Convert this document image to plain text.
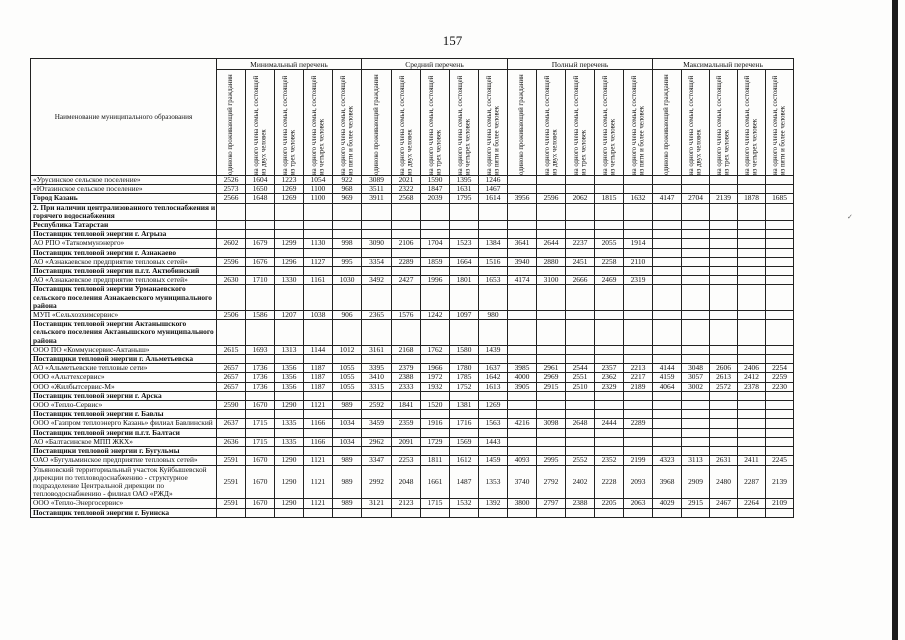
157
✓
Наименование муниципального образования	Минимальный перечень					Средний перечень					Полный перечень					Максимальный перечень				

	одиноко проживающий гражданин	на одного члена семьи, состоящей из двух человек	на одного члена семьи, состоящей из трех человек	на одного члена семьи, состоящей из четырех человек	на одного члена семьи, состоящей из пяти и более человек	одиноко проживающий гражданин	на одного члена семьи, состоящей из двух человек	на одного члена семьи, состоящей из трех человек	на одного члена семьи, состоящей из четырех человек	на одного члена семьи, состоящей из пяти и более человек	одиноко проживающий гражданин	на одного члена семьи, состоящей из двух человек	на одного члена семьи, состоящей из трех человек	на одного члена семьи, состоящей из четырех человек	на одного члена семьи, состоящей из пяти и более человек	одиноко проживающий гражданин	на одного члена семьи, состоящей из двух человек	на одного члена семьи, состоящей из трех человек	на одного члена семьи, состоящей из четырех человек	на одного члена семьи, состоящей из пяти и более человек

«Урусинское сельское поселение»	2526	1604	1223	1054	922	3089	2021	1590	1395	1246										
«Ютазинское сельское поселение»	2573	1650	1269	1100	968	3511	2322	1847	1631	1467										
Город Казань	2566	1648	1269	1100	969	3911	2568	2039	1795	1614	3956	2596	2062	1815	1632	4147	2704	2139	1878	1685
2. При наличии централизованного теплоснабжения и горячего водоснабжения																				
Республика Татарстан																				
Поставщик тепловой энергии г. Агрыза																				
АО РПО «Таткоммунэнерго»	2602	1679	1299	1130	998	3090	2106	1704	1523	1384	3641	2644	2237	2055	1914					
Поставщик тепловой энергии г. Азнакаево																				
АО «Азнакаевское предприятие тепловых сетей»	2596	1676	1296	1127	995	3354	2289	1859	1664	1516	3940	2880	2451	2258	2110					
Поставщик тепловой энергии п.г.т. Актюбинский																				
АО «Азнакаевское предприятие тепловых сетей»	2630	1710	1330	1161	1030	3492	2427	1996	1801	1653	4174	3100	2666	2469	2319					
Поставщик тепловой энергии Урманаевского сельского поселения Азнакаевского муниципального района																				
МУП «Сельхозхимсервис»	2506	1586	1207	1038	906	2365	1576	1242	1097	980										
Поставщик тепловой энергии Актанышского сельского поселения Актанышского муниципального района																				
ООО ПО «Коммунсервис-Актаныш»	2615	1693	1313	1144	1012	3161	2168	1762	1580	1439										
Поставщики тепловой энергии г. Альметьевска																				
АО «Альметьевские тепловые сети»	2657	1736	1356	1187	1055	3395	2379	1966	1780	1637	3985	2961	2544	2357	2213	4144	3048	2606	2406	2254
ООО «Альттехсервис»	2657	1736	1356	1187	1055	3410	2388	1972	1785	1642	4000	2969	2551	2362	2217	4159	3057	2613	2412	2259
ООО «Жилбытсервис-М»	2657	1736	1356	1187	1055	3315	2333	1932	1752	1613	3905	2915	2510	2329	2189	4064	3002	2572	2378	2230
Поставщик тепловой энергии г. Арска																				
ООО «Тепло-Сервис»	2590	1670	1290	1121	989	2592	1841	1520	1381	1269										
Поставщик тепловой энергии г. Бавлы																				
ООО «Газпром теплоэнерго Казань» филиал Бавлинский	2637	1715	1335	1166	1034	3459	2359	1916	1716	1563	4216	3098	2648	2444	2289					
Поставщик тепловой энергии п.г.т. Балтаси																				
АО «Балтасинское МПП ЖКХ»	2636	1715	1335	1166	1034	2962	2091	1729	1569	1443										
Поставщики тепловой энергии г. Бугульмы																				
ОАО «Бугульминское предприятие тепловых сетей»	2591	1670	1290	1121	989	3347	2253	1811	1612	1459	4093	2995	2552	2352	2199	4323	3113	2631	2411	2245
Ульяновский территориальный участок Куйбышевской дирекции по тепловодоснабжению - структурное подразделение Центральной дирекции по тепловодоснабжению - филиал ОАО «РЖД»	2591	1670	1290	1121	989	2992	2048	1661	1487	1353	3740	2792	2402	2228	2093	3968	2909	2480	2287	2139
ООО «Тепло-Энергосервис»	2591	1670	1290	1121	989	3121	2123	1715	1532	1392	3800	2797	2388	2205	2063	4029	2915	2467	2264	2109
Поставщик тепловой энергии г. Буинска																				
